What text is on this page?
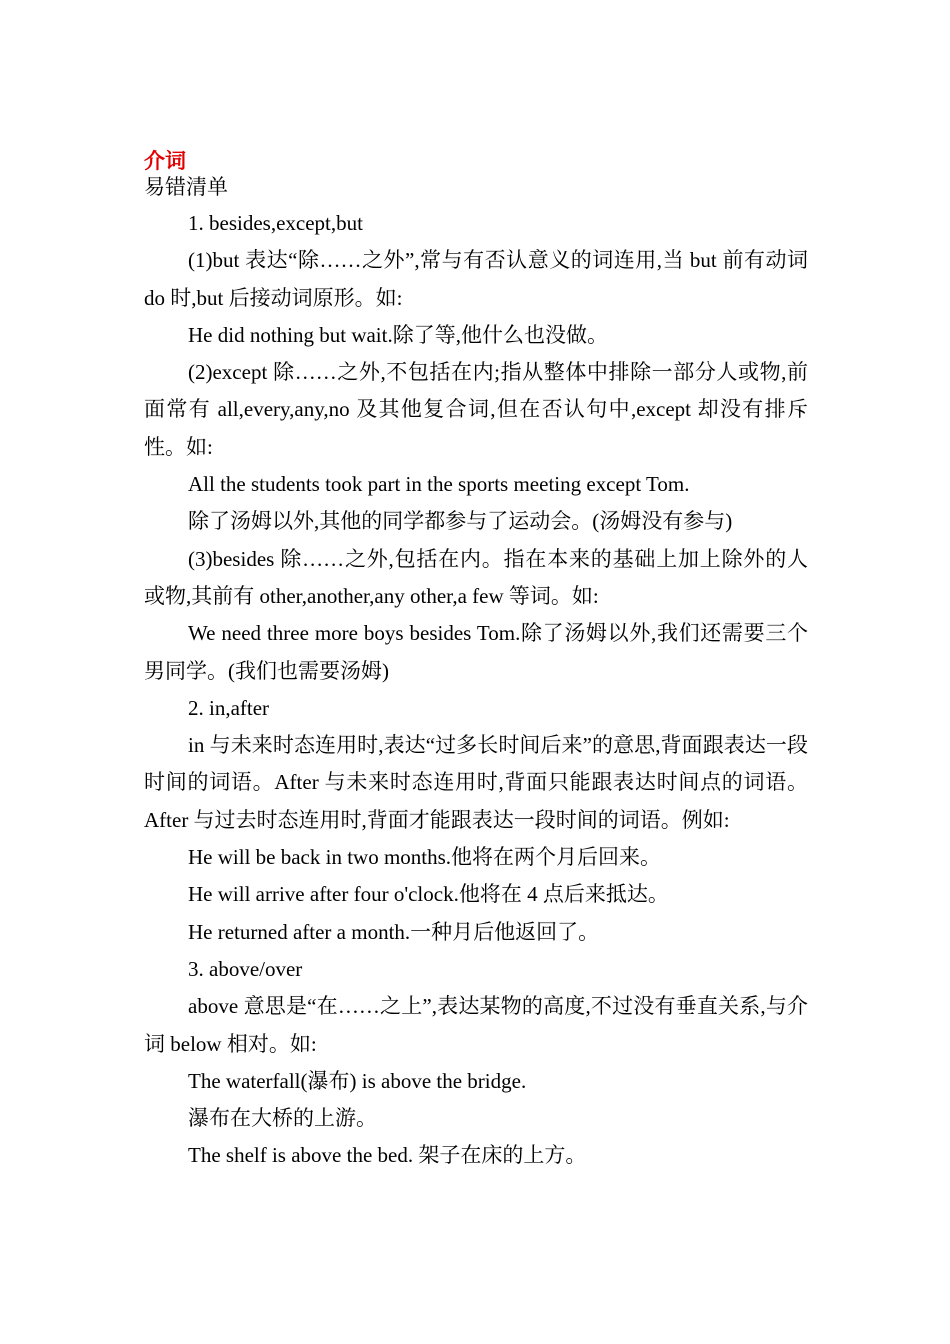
介词
易错清单

1. besides,except,but

(1)but 表达“除……之外”,常与有否认意义的词连用,当 but 前有动词 do 时,but 后接动词原形。如:

He did nothing but wait.除了等,他什么也没做。

(2)except 除……之外,不包括在内;指从整体中排除一部分人或物,前面常有 all,every,any,no 及其他复合词,但在否认句中,except 却没有排斥性。如:

All the students took part in the sports meeting except Tom.

除了汤姆以外,其他的同学都参与了运动会。(汤姆没有参与)

(3)besides 除……之外,包括在内。指在本来的基础上加上除外的人或物,其前有 other,another,any other,a few 等词。如:

We need three more boys besides Tom.除了汤姆以外,我们还需要三个男同学。(我们也需要汤姆)

2. in,after

in 与未来时态连用时,表达“过多长时间后来”的意思,背面跟表达一段时间的词语。After 与未来时态连用时,背面只能跟表达时间点的词语。After 与过去时态连用时,背面才能跟表达一段时间的词语。例如:

He will be back in two months.他将在两个月后回来。

He will arrive after four o'clock.他将在 4 点后来抵达。

He returned after a month.一种月后他返回了。

3. above/over

above 意思是“在……之上”,表达某物的高度,不过没有垂直关系,与介词 below 相对。如:

The waterfall(瀑布) is above the bridge.

瀑布在大桥的上游。

The shelf is above the bed. 架子在床的上方。
